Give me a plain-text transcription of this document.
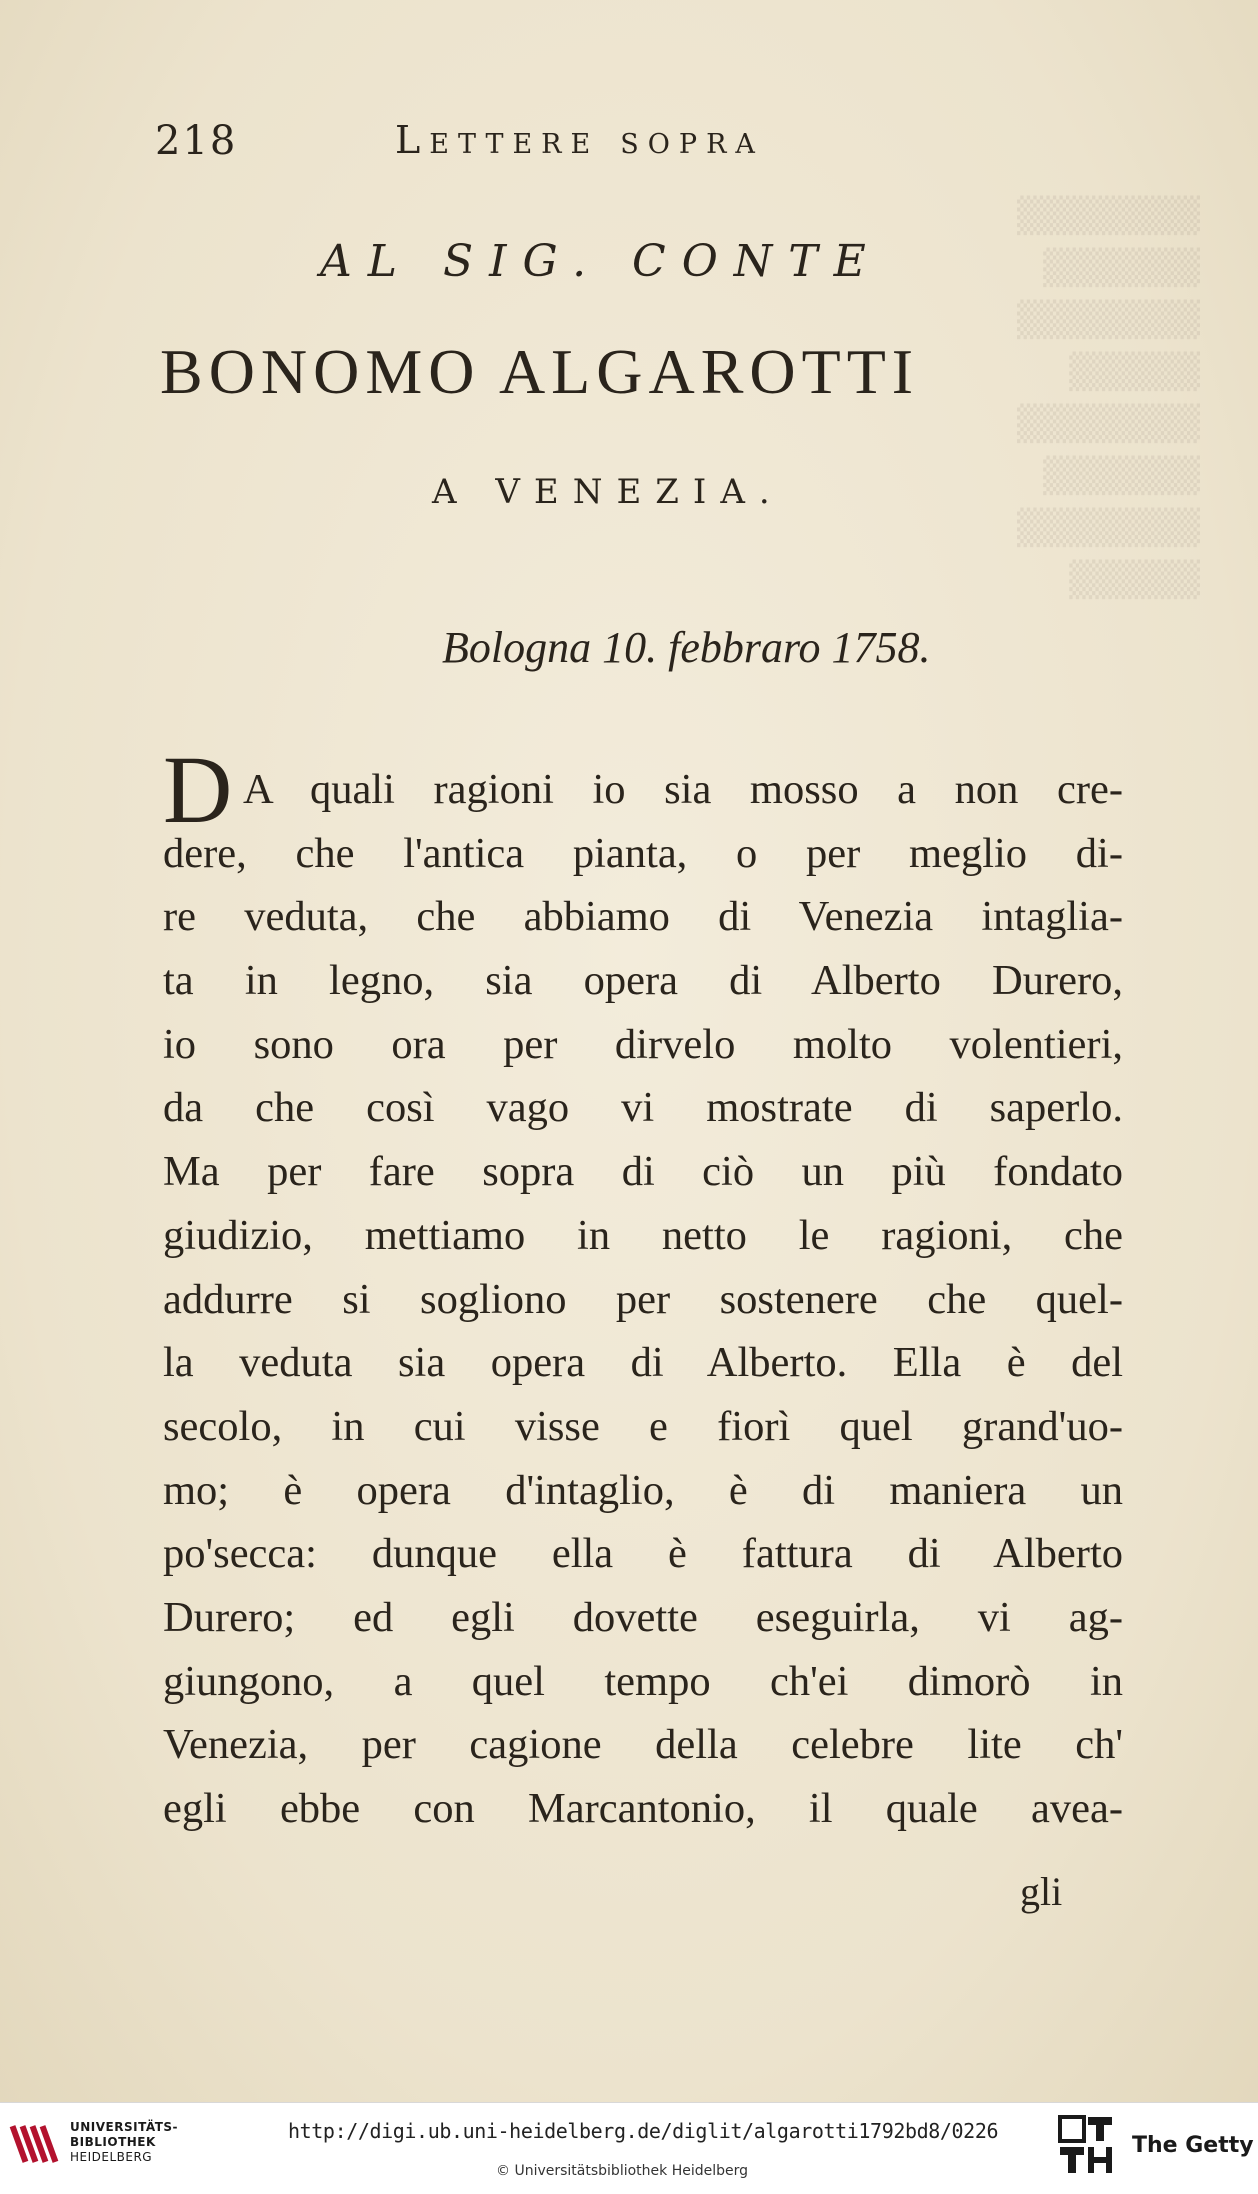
▒▒▒▒▒▒▒
▒▒▒▒▒▒
▒▒▒▒▒▒▒
▒▒▒▒▒
▒▒▒▒▒▒▒
▒▒▒▒▒▒
▒▒▒▒▒▒▒
▒▒▒▒▒
218	Lettere sopra
AL SIG. CONTE
BONOMO ALGAROTTI
A VENEZIA.
Bologna 10. febbraro 1758.
D A quali ragioni io sia mosso a non cre-
dere, che l'antica pianta, o per meglio di-
re veduta, che abbiamo di Venezia intaglia-
ta in legno, sia opera di Alberto Durero,
io sono ora per dirvelo molto volentieri,
da che così vago vi mostrate di saperlo.
Ma per fare sopra di ciò un più fondato
giudizio, mettiamo in netto le ragioni, che
addurre si sogliono per sostenere che quel-
la veduta sia opera di Alberto. Ella è del
secolo, in cui visse e fiorì quel grand'uo-
mo; è opera d'intaglio, è di maniera un
po'secca: dunque ella è fattura di Alberto
Durero; ed egli dovette eseguirla, vi ag-
giungono, a quel tempo ch'ei dimorò in
Venezia, per cagione della celebre lite ch'
egli ebbe con Marcantonio, il quale avea-
gli
UNIVERSITÄTS-
BIBLIOTHEK
HEIDELBERG
http://digi.ub.uni-heidelberg.de/diglit/algarotti1792bd8/0226
© Universitätsbibliothek Heidelberg
The Getty
